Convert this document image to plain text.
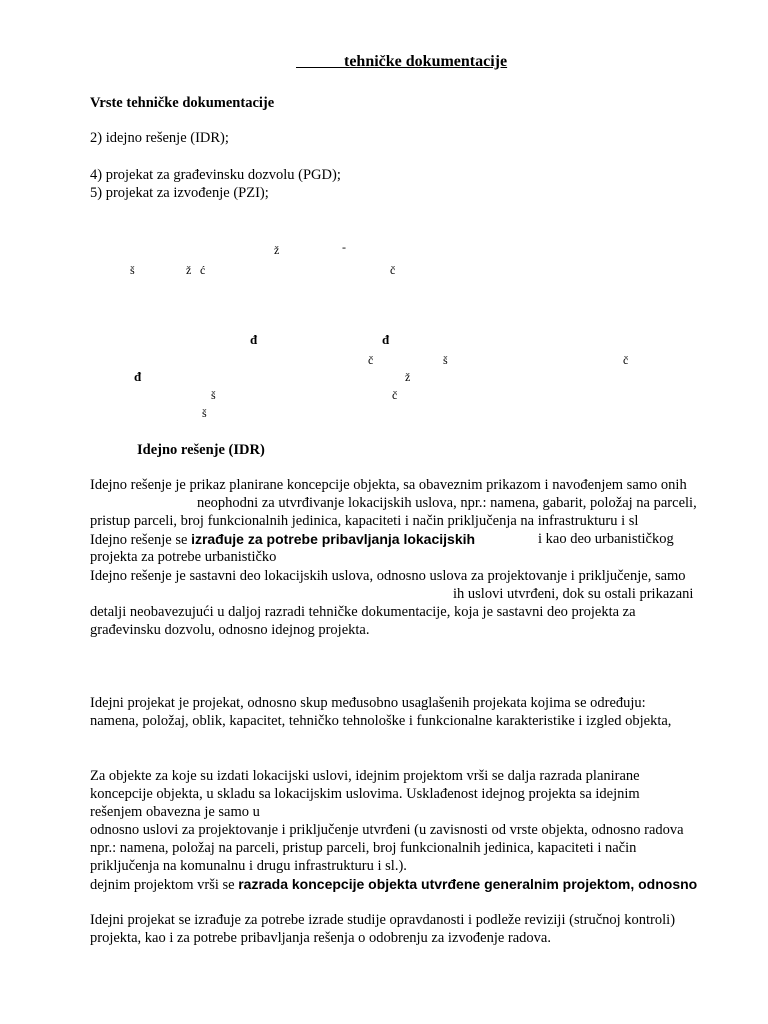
tehničke dokumentacije
Vrste tehničke dokumentacije
2) idejno rešenje (IDR);
4) projekat za građevinsku dozvolu (PGD);
5) projekat za izvođenje (PZI);
ž	-
š	ž ć	č
đ	đ
č	š	č
đ	ž
š	č
š
Idejno rešenje (IDR)
Idejno rešenje je prikaz planirane koncepcije objekta, sa obaveznim prikazom i navođenjem samo onih
neophodni za utvrđivanje lokacijskih uslova, npr.: namena, gabarit, položaj na parceli,
pristup parceli, broj funkcionalnih jedinica, kapaciteti i način priključenja na infrastrukturu i sl
Idejno rešenje se izrađuje za potrebe pribavljanja lokacijskih	i kao deo urbanističkog
projekta za potrebe urbanističko
Idejno rešenje je sastavni deo lokacijskih uslova, odnosno uslova za projektovanje i priključenje, samo
ih uslovi utvrđeni, dok su ostali prikazani
detalji neobavezujući u daljoj razradi tehničke dokumentacije, koja je sastavni deo projekta za
građevinsku dozvolu, odnosno idejnog projekta.
Idejni projekat je projekat, odnosno skup međusobno usaglašenih projekata kojima se određuju:
namena, položaj, oblik, kapacitet, tehničko tehnološke i funkcionalne karakteristike i izgled objekta,
Za objekte za koje su izdati lokacijski uslovi, idejnim projektom vrši se dalja razrada planirane
koncepcije objekta, u skladu sa lokacijskim uslovima. Usklađenost idejnog projekta sa idejnim
rešenjem obavezna je samo u
odnosno uslovi za projektovanje i priključenje utvrđeni (u zavisnosti od vrste objekta, odnosno radova
npr.: namena, položaj na parceli, pristup parceli, broj funkcionalnih jedinica, kapaciteti i način
priključenja na komunalnu i drugu infrastrukturu i sl.).
dejnim projektom vrši se razrada koncepcije objekta utvrđene generalnim projektom, odnosno
Idejni projekat se izrađuje za potrebe izrade studije opravdanosti i podleže reviziji (stručnoj kontroli)
projekta, kao i za potrebe pribavljanja rešenja o odobrenju za izvođenje radova.
